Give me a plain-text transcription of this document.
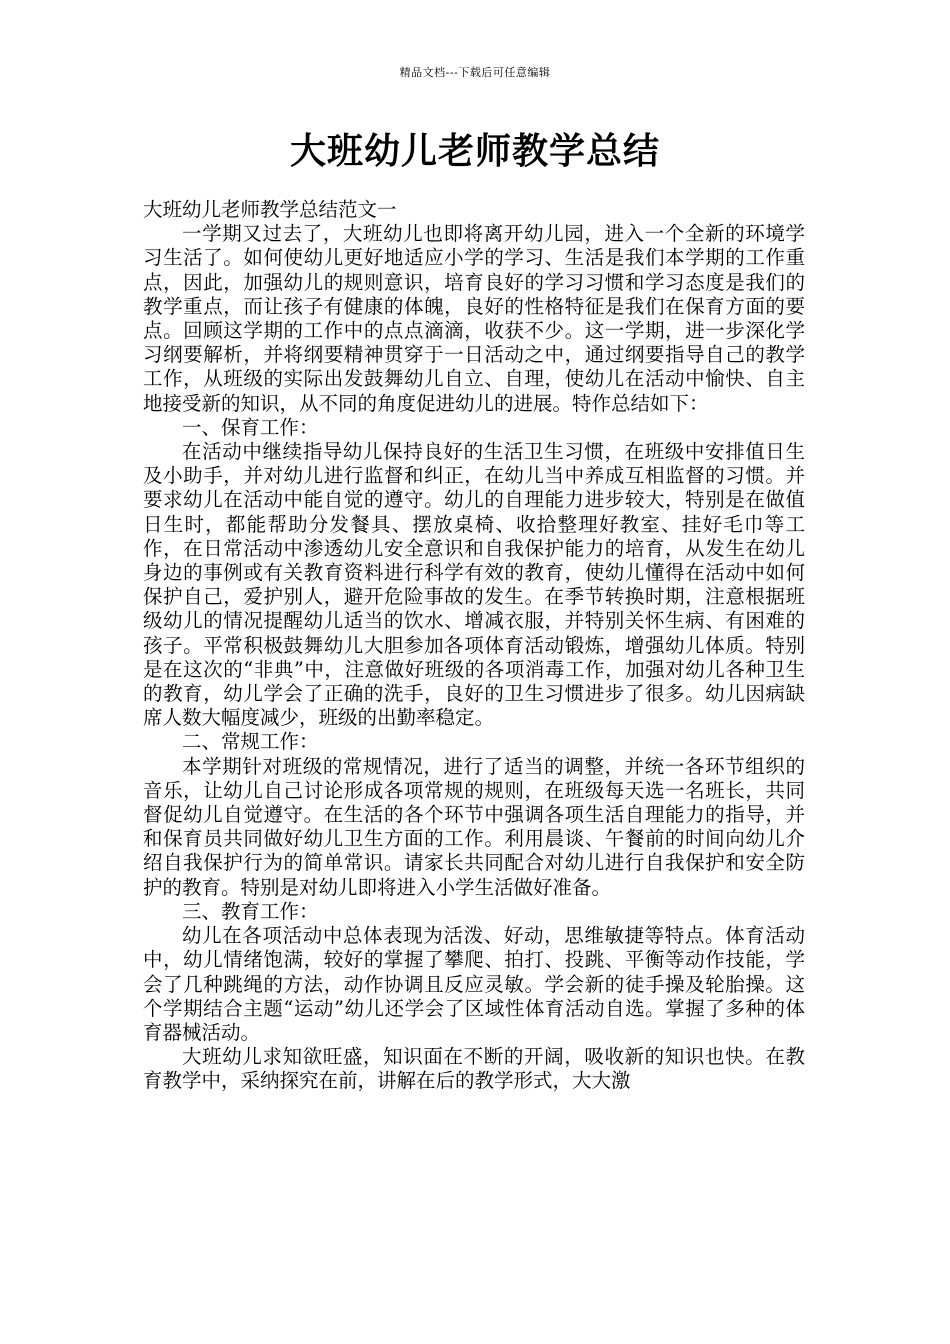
精品文档---下载后可任意编辑
大班幼儿老师教学总结

大班幼儿老师教学总结范文一

一学期又过去了，大班幼儿也即将离开幼儿园，进入一个全新的环境学习生活了。如何使幼儿更好地适应小学的学习、生活是我们本学期的工作重点，因此，加强幼儿的规则意识，培育良好的学习习惯和学习态度是我们的教学重点，而让孩子有健康的体魄，良好的性格特征是我们在保育方面的要点。回顾这学期的工作中的点点滴滴，收获不少。这一学期，进一步深化学习纲要解析，并将纲要精神贯穿于一日活动之中，通过纲要指导自己的教学工作，从班级的实际出发鼓舞幼儿自立、自理，使幼儿在活动中愉快、自主地接受新的知识，从不同的角度促进幼儿的进展。特作总结如下：

一、保育工作：

在活动中继续指导幼儿保持良好的生活卫生习惯，在班级中安排值日生及小助手，并对幼儿进行监督和纠正，在幼儿当中养成互相监督的习惯。并要求幼儿在活动中能自觉的遵守。幼儿的自理能力进步较大，特别是在做值日生时，都能帮助分发餐具、摆放桌椅、收拾整理好教室、挂好毛巾等工作，在日常活动中渗透幼儿安全意识和自我保护能力的培育，从发生在幼儿身边的事例或有关教育资料进行科学有效的教育，使幼儿懂得在活动中如何保护自己，爱护别人，避开危险事故的发生。在季节转换时期，注意根据班级幼儿的情况提醒幼儿适当的饮水、增减衣服，并特别关怀生病、有困难的孩子。平常积极鼓舞幼儿大胆参加各项体育活动锻炼，增强幼儿体质。特别是在这次的“非典”中，注意做好班级的各项消毒工作，加强对幼儿各种卫生的教育，幼儿学会了正确的洗手，良好的卫生习惯进步了很多。幼儿因病缺席人数大幅度减少，班级的出勤率稳定。

二、常规工作：

本学期针对班级的常规情况，进行了适当的调整，并统一各环节组织的音乐，让幼儿自己讨论形成各项常规的规则，在班级每天选一名班长，共同督促幼儿自觉遵守。在生活的各个环节中强调各项生活自理能力的指导，并和保育员共同做好幼儿卫生方面的工作。利用晨谈、午餐前的时间向幼儿介绍自我保护行为的简单常识。请家长共同配合对幼儿进行自我保护和安全防护的教育。特别是对幼儿即将进入小学生活做好准备。

三、教育工作：

幼儿在各项活动中总体表现为活泼、好动，思维敏捷等特点。体育活动中，幼儿情绪饱满，较好的掌握了攀爬、拍打、投跳、平衡等动作技能，学会了几种跳绳的方法，动作协调且反应灵敏。学会新的徒手操及轮胎操。这个学期结合主题“运动”幼儿还学会了区域性体育活动自选。掌握了多种的体育器械活动。

大班幼儿求知欲旺盛，知识面在不断的开阔，吸收新的知识也快。在教育教学中，采纳探究在前，讲解在后的教学形式，大大激
